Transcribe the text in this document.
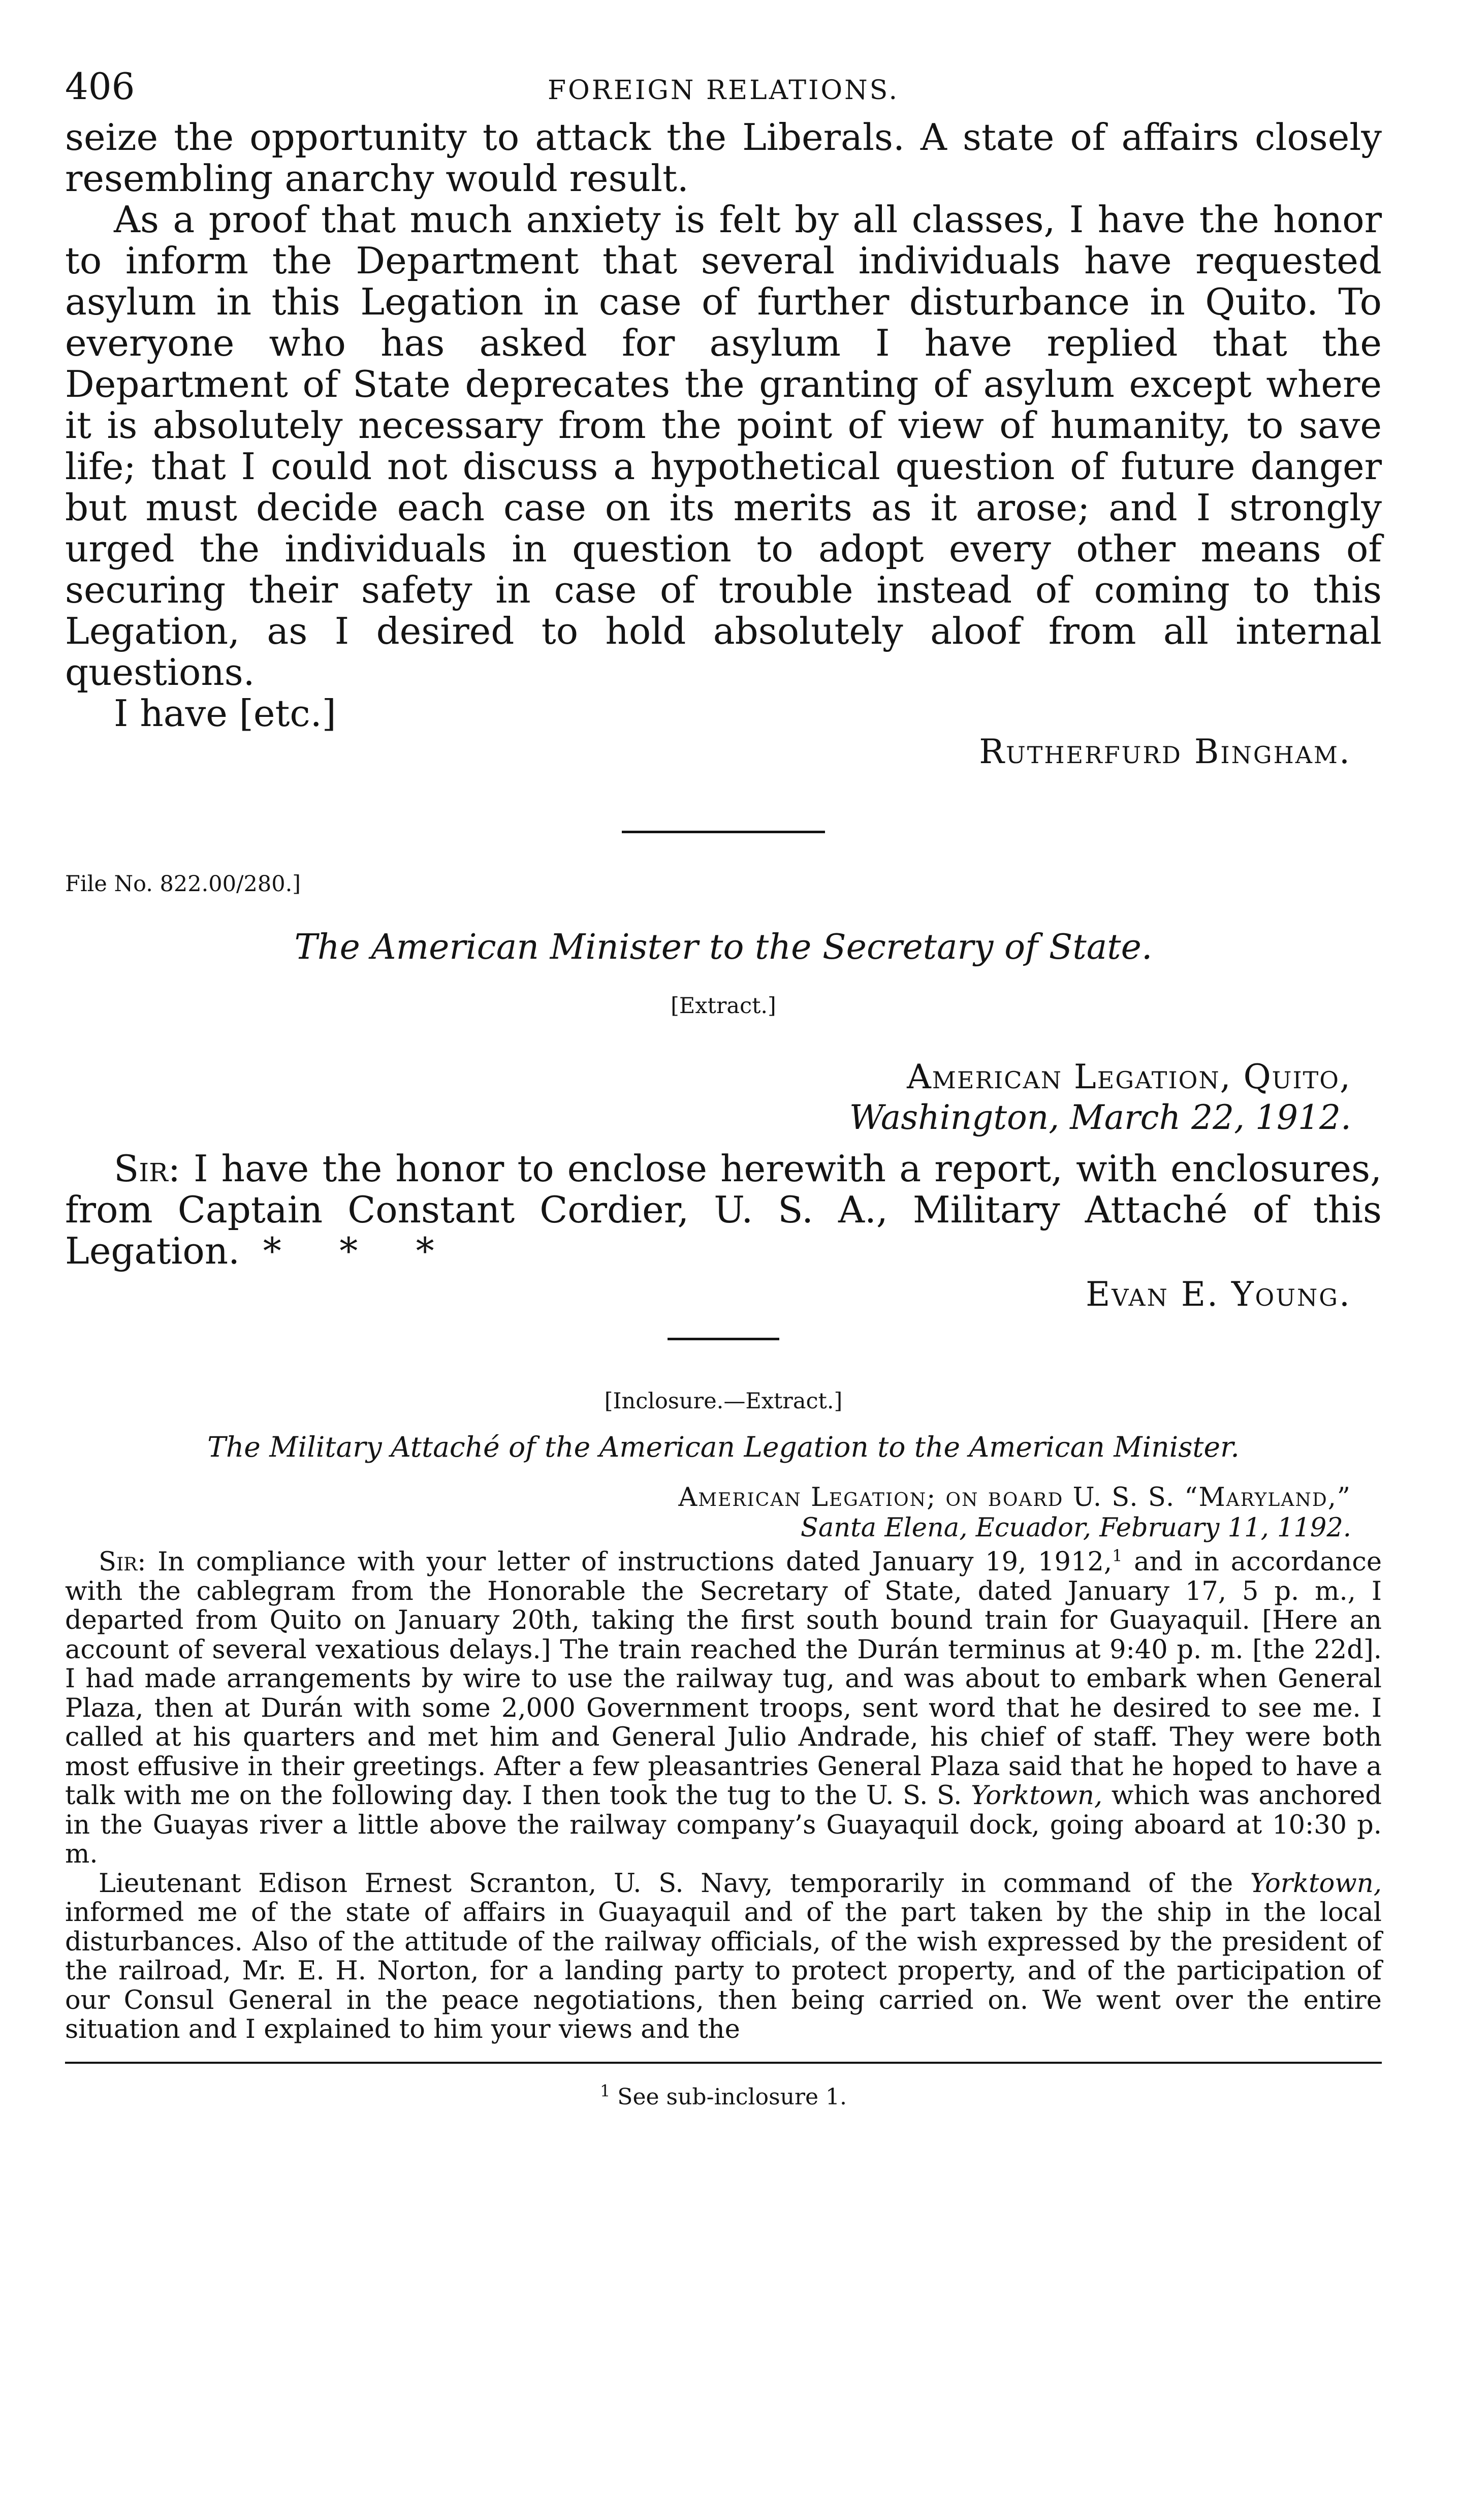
406	FOREIGN RELATIONS.

seize the opportunity to attack the Liberals. A state of affairs closely resembling anarchy would result.

As a proof that much anxiety is felt by all classes, I have the honor to inform the Department that several individuals have requested asylum in this Legation in case of further disturbance in Quito. To everyone who has asked for asylum I have replied that the Department of State deprecates the granting of asylum except where it is absolutely necessary from the point of view of humanity, to save life; that I could not discuss a hypothetical question of future danger but must decide each case on its merits as it arose; and I strongly urged the individuals in question to adopt every other means of securing their safety in case of trouble instead of coming to this Legation, as I desired to hold absolutely aloof from all internal questions.

I have [etc.]

Rutherfurd Bingham.

File No. 822.00/280.]

The American Minister to the Secretary of State.

[Extract.]

American Legation, Quito,
Washington, March 22, 1912.

Sir: I have the honor to enclose herewith a report, with enclosures, from Captain Constant Cordier, U. S. A., Military Attaché of this Legation. *     *     *

Evan E. Young.

[Inclosure.—Extract.]

The Military Attaché of the American Legation to the American Minister.

American Legation; on board U. S. S. “Maryland,”
Santa Elena, Ecuador, February 11, 1192.

Sir: In compliance with your letter of instructions dated January 19, 1912,$^1$ and in accordance with the cablegram from the Honorable the Secretary of State, dated January 17, 5 p. m., I departed from Quito on January 20th, taking the first south bound train for Guayaquil. [Here an account of several vexatious delays.] The train reached the Durán terminus at 9:40 p. m. [the 22d]. I had made arrangements by wire to use the railway tug, and was about to embark when General Plaza, then at Durán with some 2,000 Government troops, sent word that he desired to see me. I called at his quarters and met him and General Julio Andrade, his chief of staff. They were both most effusive in their greetings. After a few pleasantries General Plaza said that he hoped to have a talk with me on the following day. I then took the tug to the U. S. S. Yorktown, which was anchored in the Guayas river a little above the railway company’s Guayaquil dock, going aboard at 10:30 p. m.

Lieutenant Edison Ernest Scranton, U. S. Navy, temporarily in command of the Yorktown, informed me of the state of affairs in Guayaquil and of the part taken by the ship in the local disturbances. Also of the attitude of the railway officials, of the wish expressed by the president of the railroad, Mr. E. H. Norton, for a landing party to protect property, and of the participation of our Consul General in the peace negotiations, then being carried on. We went over the entire situation and I explained to him your views and the

$^1$ See sub-inclosure 1.
